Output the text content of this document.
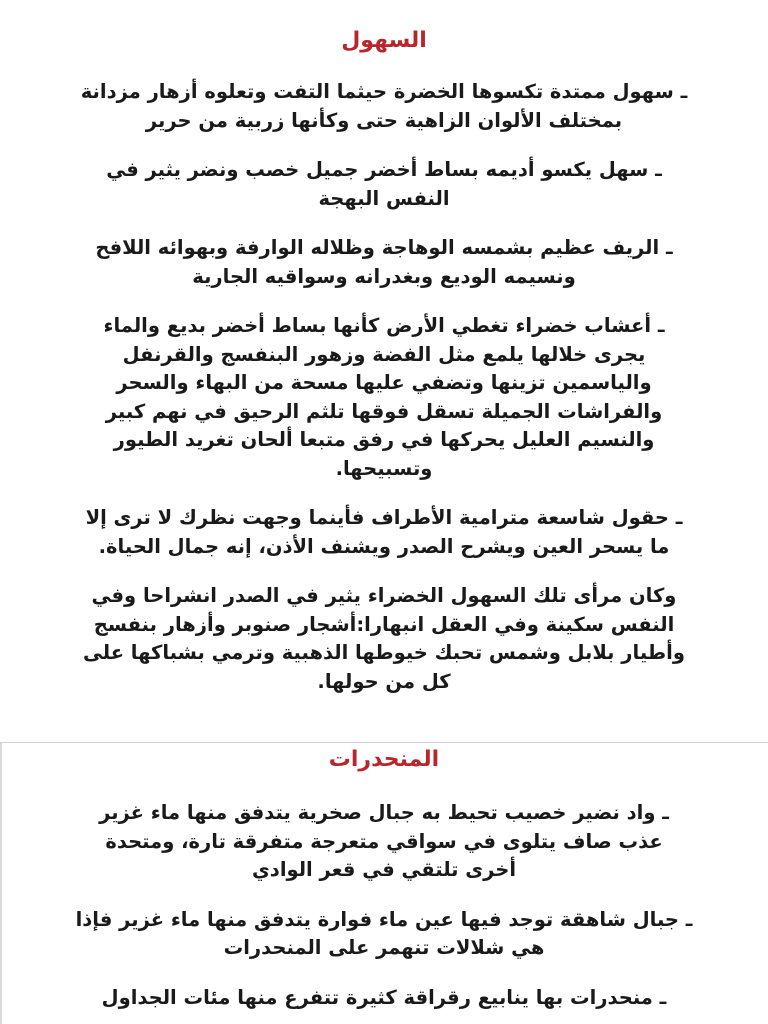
السهول
ـ سهول ممتدة تكسوها الخضرة حيثما التفت وتعلوه أزهار مزدانة
بمختلف الألوان الزاهية حتى وكأنها زربية من حرير
ـ سهل يكسو أديمه بساط أخضر جميل خصب ونضر يثير في
النفس البهجة
ـ الريف عظيم بشمسه الوهاجة وظلاله الوارفة وبهوائه اللافح
ونسيمه الوديع وبغدرانه وسواقيه الجارية
ـ أعشاب خضراء تغطي الأرض كأنها بساط أخضر بديع والماء
يجرى خلالها يلمع مثل الفضة وزهور البنفسج والقرنفل
والياسمين تزينها وتضفي عليها مسحة من البهاء والسحر
والفراشات الجميلة تسقل فوقها تلثم الرحيق في نهم كبير
والنسيم العليل يحركها في رفق متبعا ألحان تغريد الطيور
وتسبيحها.
ـ حقول شاسعة مترامية الأطراف فأينما وجهت نظرك لا ترى إلا
ما يسحر العين ويشرح الصدر ويشنف الأذن، إنه جمال الحياة.
وكان مرأى تلك السهول الخضراء يثير في الصدر انشراحا وفي
النفس سكينة وفي العقل انبهارا:أشجار صنوبر وأزهار بنفسج
وأطيار بلابل وشمس تحبك خيوطها الذهبية وترمي بشباكها على
كل من حولها.
المنحدرات
ـ واد نضير خصيب تحيط به جبال صخرية يتدفق منها ماء غزير
عذب صاف يتلوى في سواقي متعرجة متفرقة تارة، ومتحدة
أخرى تلتقي في قعر الوادي
ـ جبال شاهقة توجد فيها عين ماء فوارة يتدفق منها ماء غزير فإذا
هي شلالات تنهمر على المنحدرات
ـ منحدرات بها ينابيع رقراقة كثيرة تتفرع منها مئات الجداول
